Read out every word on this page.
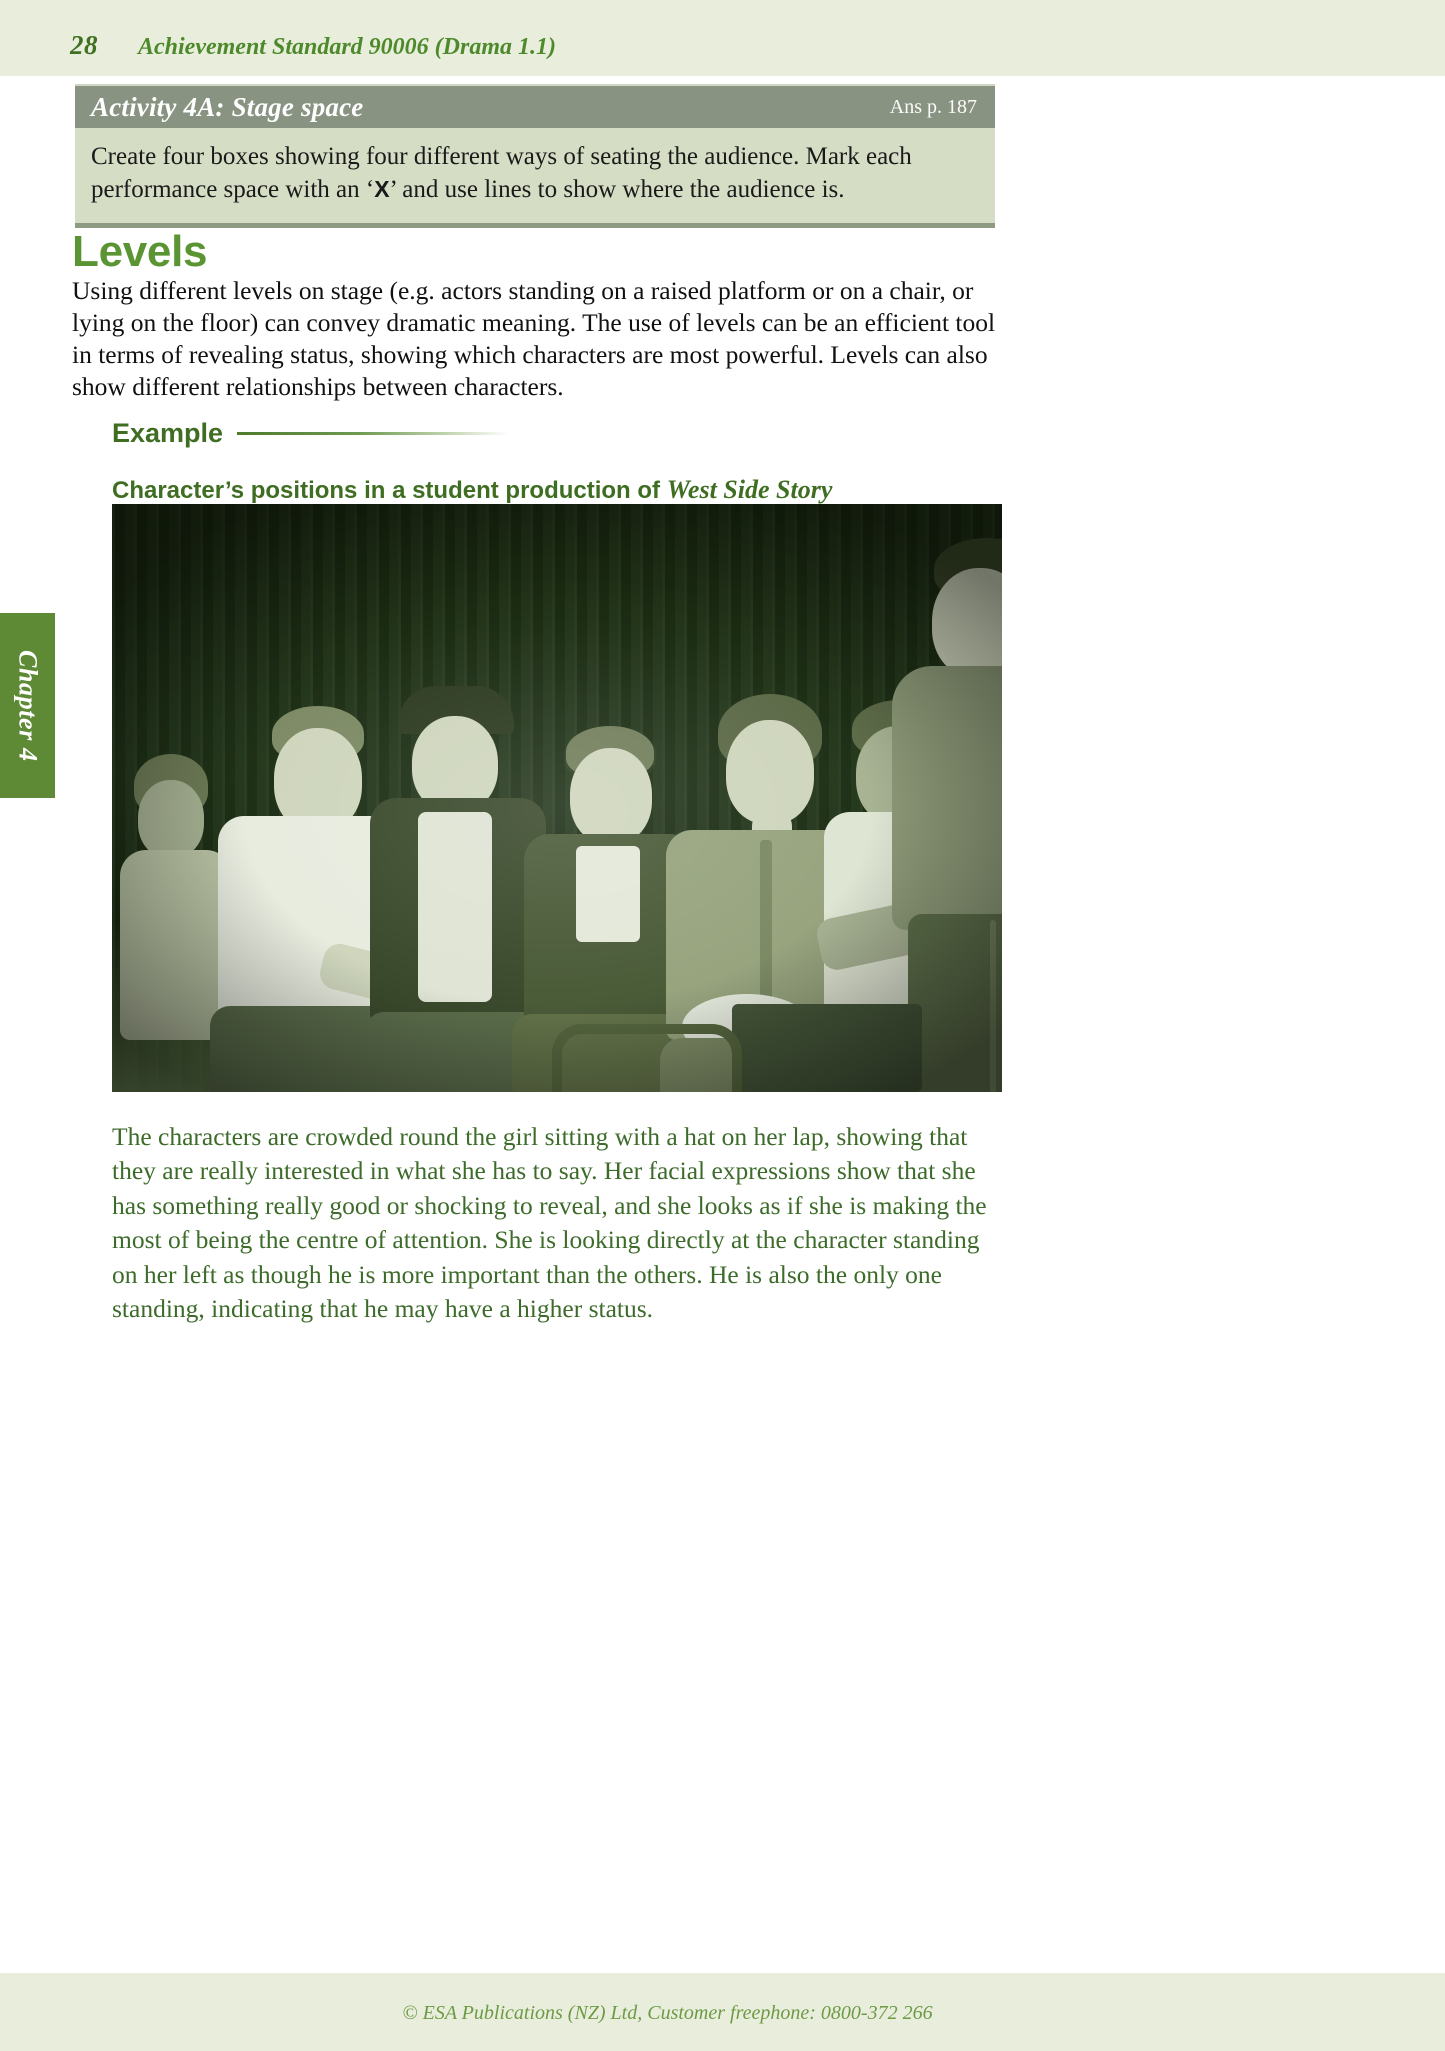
28 Achievement Standard 90006 (Drama 1.1)
Chapter 4
Activity 4A: Stage space	Ans p. 187

Create four boxes showing four different ways of seating the audience. Mark each performance space with an ‘X’ and use lines to show where the audience is.

Levels

Using different levels on stage (e.g. actors standing on a raised platform or on a chair, or lying on the floor) can convey dramatic meaning. The use of levels can be an efficient tool in terms of revealing status, showing which characters are most powerful. Levels can also show different relationships between characters.

Example
Character’s positions in a student production of West Side Story

The characters are crowded round the girl sitting with a hat on her lap, showing that they are really interested in what she has to say. Her facial expressions show that she has something really good or shocking to reveal, and she looks as if she is making the most of being the centre of attention. She is looking directly at the character standing on her left as though he is more important than the others. He is also the only one standing, indicating that he may have a higher status.

© ESA Publications (NZ) Ltd, Customer freephone: 0800-372 266
